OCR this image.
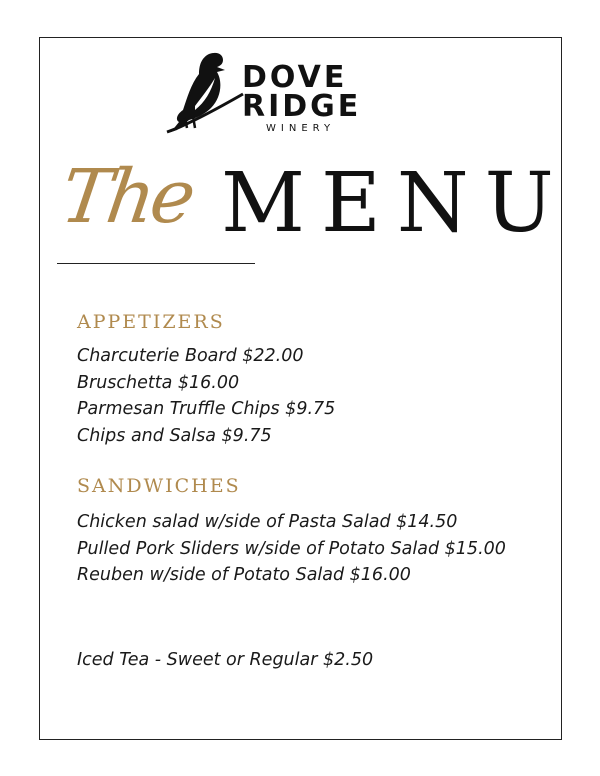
DOVE
RIDGE
WINERY
The MENU
APPETIZERS
Charcuterie Board $22.00
Bruschetta $16.00
Parmesan Truffle Chips $9.75
Chips and Salsa $9.75
SANDWICHES
Chicken salad w/side of Pasta Salad $14.50
Pulled Pork Sliders w/side of Potato Salad $15.00
Reuben w/side of Potato Salad $16.00
Iced Tea - Sweet or Regular $2.50
